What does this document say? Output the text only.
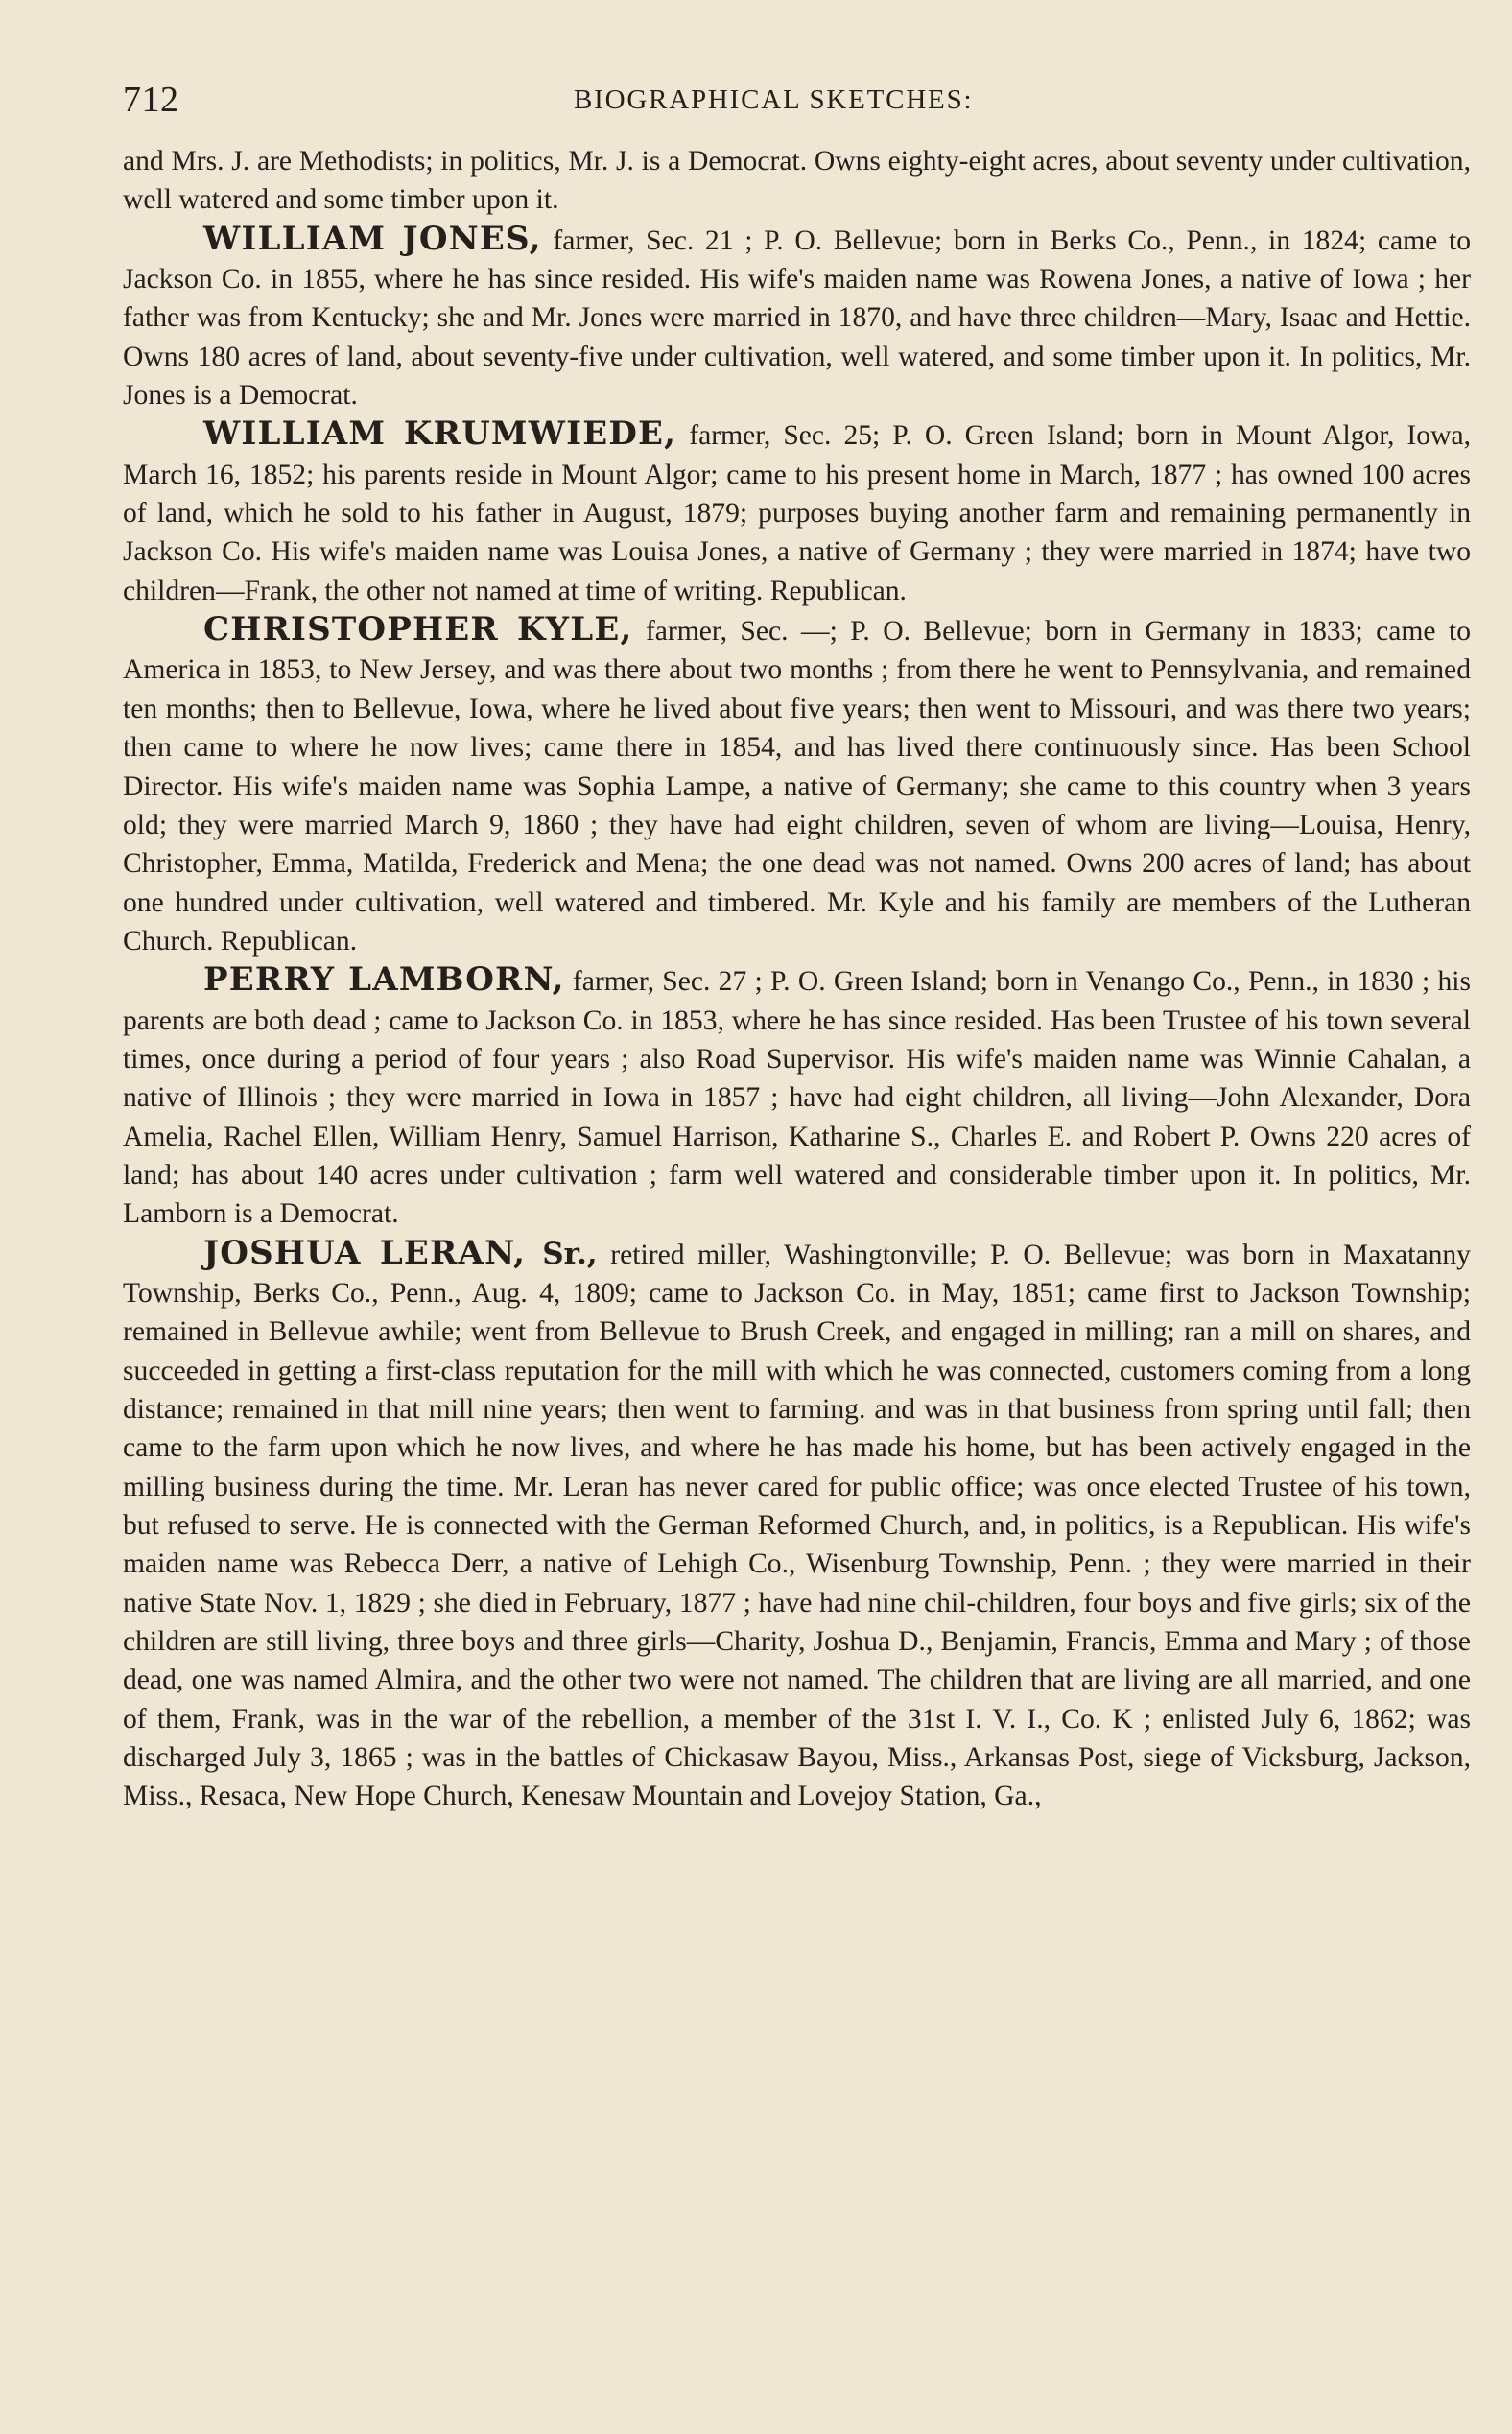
712	BIOGRAPHICAL SKETCHES:

and Mrs. J. are Methodists; in politics, Mr. J. is a Democrat. Owns eighty-eight acres, about seventy under cultivation, well watered and some timber upon it.

WILLIAM JONES, farmer, Sec. 21 ; P. O. Bellevue; born in Berks Co., Penn., in 1824; came to Jackson Co. in 1855, where he has since resided. His wife's maiden name was Rowena Jones, a native of Iowa ; her father was from Kentucky; she and Mr. Jones were married in 1870, and have three children—Mary, Isaac and Hettie. Owns 180 acres of land, about seventy-five under cultivation, well watered, and some timber upon it. In politics, Mr. Jones is a Democrat.

WILLIAM KRUMWIEDE, farmer, Sec. 25; P. O. Green Island; born in Mount Algor, Iowa, March 16, 1852; his parents reside in Mount Algor; came to his present home in March, 1877 ; has owned 100 acres of land, which he sold to his father in August, 1879; purposes buying another farm and remaining permanently in Jackson Co. His wife's maiden name was Louisa Jones, a native of Germany ; they were married in 1874; have two children—Frank, the other not named at time of writing. Republican.

CHRISTOPHER KYLE, farmer, Sec. —; P. O. Bellevue; born in Germany in 1833; came to America in 1853, to New Jersey, and was there about two months ; from there he went to Pennsylvania, and remained ten months; then to Bellevue, Iowa, where he lived about five years; then went to Missouri, and was there two years; then came to where he now lives; came there in 1854, and has lived there continuously since. Has been School Director. His wife's maiden name was Sophia Lampe, a native of Germany; she came to this country when 3 years old; they were married March 9, 1860 ; they have had eight children, seven of whom are living—Louisa, Henry, Christopher, Emma, Matilda, Frederick and Mena; the one dead was not named. Owns 200 acres of land; has about one hundred under cultivation, well watered and timbered. Mr. Kyle and his family are members of the Lutheran Church. Republican.

PERRY LAMBORN, farmer, Sec. 27 ; P. O. Green Island; born in Venango Co., Penn., in 1830 ; his parents are both dead ; came to Jackson Co. in 1853, where he has since resided. Has been Trustee of his town several times, once during a period of four years ; also Road Supervisor. His wife's maiden name was Winnie Cahalan, a native of Illinois ; they were married in Iowa in 1857 ; have had eight children, all living—John Alexander, Dora Amelia, Rachel Ellen, William Henry, Samuel Harrison, Katharine S., Charles E. and Robert P. Owns 220 acres of land; has about 140 acres under cultivation ; farm well watered and considerable timber upon it. In politics, Mr. Lamborn is a Democrat.

JOSHUA LERAN, Sr., retired miller, Washingtonville; P. O. Bellevue; was born in Maxatanny Township, Berks Co., Penn., Aug. 4, 1809; came to Jackson Co. in May, 1851; came first to Jackson Township; remained in Bellevue awhile; went from Bellevue to Brush Creek, and engaged in milling; ran a mill on shares, and succeeded in getting a first-class reputation for the mill with which he was connected, customers coming from a long distance; remained in that mill nine years; then went to farming. and was in that business from spring until fall; then came to the farm upon which he now lives, and where he has made his home, but has been actively engaged in the milling business during the time. Mr. Leran has never cared for public office; was once elected Trustee of his town, but refused to serve. He is connected with the German Reformed Church, and, in politics, is a Republican. His wife's maiden name was Rebecca Derr, a native of Lehigh Co., Wisenburg Township, Penn. ; they were married in their native State Nov. 1, 1829 ; she died in February, 1877 ; have had nine chil-children, four boys and five girls; six of the children are still living, three boys and three girls—Charity, Joshua D., Benjamin, Francis, Emma and Mary ; of those dead, one was named Almira, and the other two were not named. The children that are living are all married, and one of them, Frank, was in the war of the rebellion, a member of the 31st I. V. I., Co. K ; enlisted July 6, 1862; was discharged July 3, 1865 ; was in the battles of Chickasaw Bayou, Miss., Arkansas Post, siege of Vicksburg, Jackson, Miss., Resaca, New Hope Church, Kenesaw Mountain and Lovejoy Station, Ga.,
